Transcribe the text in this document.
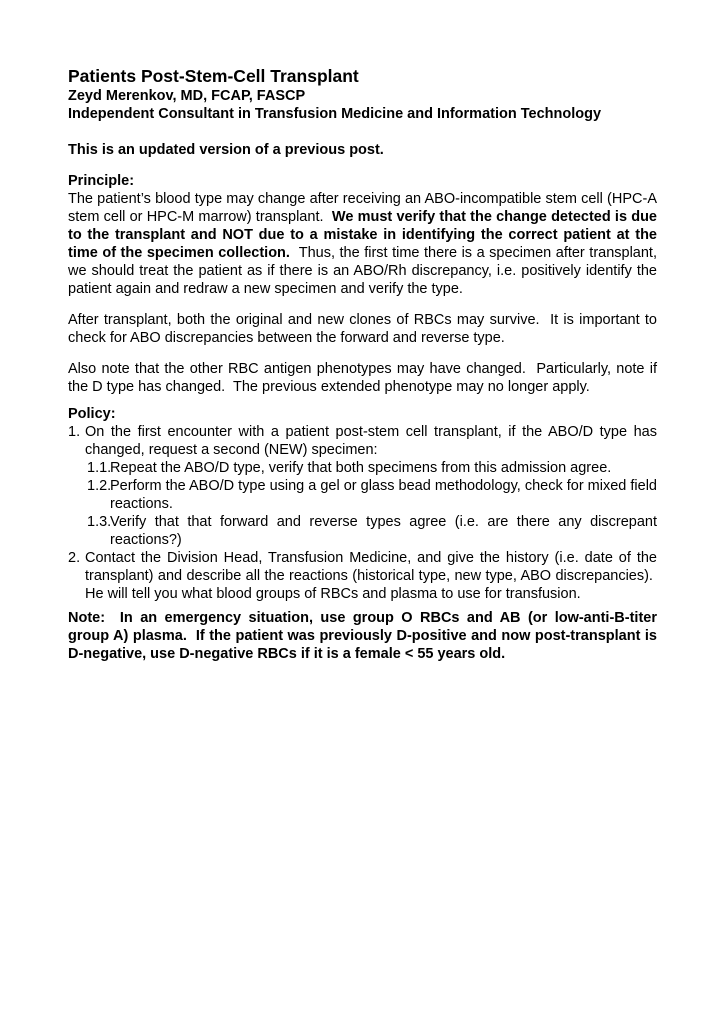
Patients Post-Stem-Cell Transplant
Zeyd Merenkov, MD, FCAP, FASCP
Independent Consultant in Transfusion Medicine and Information Technology
This is an updated version of a previous post.
Principle:
The patient’s blood type may change after receiving an ABO-incompatible stem cell (HPC-A stem cell or HPC-M marrow) transplant.  We must verify that the change detected is due to the transplant and NOT due to a mistake in identifying the correct patient at the time of the specimen collection.  Thus, the first time there is a specimen after transplant, we should treat the patient as if there is an ABO/Rh discrepancy, i.e. positively identify the patient again and redraw a new specimen and verify the type.
After transplant, both the original and new clones of RBCs may survive.  It is important to check for ABO discrepancies between the forward and reverse type.
Also note that the other RBC antigen phenotypes may have changed.  Particularly, note if the D type has changed.  The previous extended phenotype may no longer apply.
Policy:
1. On the first encounter with a patient post-stem cell transplant, if the ABO/D type has changed, request a second (NEW) specimen:
1.1.
Repeat the ABO/D type, verify that both specimens from this admission agree.
1.2.
Perform the ABO/D type using a gel or glass bead methodology, check for mixed field reactions.
1.3.
Verify that that forward and reverse types agree (i.e. are there any discrepant reactions?)
2. Contact the Division Head, Transfusion Medicine, and give the history (i.e. date of the transplant) and describe all the reactions (historical type, new type, ABO discrepancies).  He will tell you what blood groups of RBCs and plasma to use for transfusion.
Note:  In an emergency situation, use group O RBCs and AB (or low-anti-B-titer group A) plasma.  If the patient was previously D-positive and now post-transplant is D-negative, use D-negative RBCs if it is a female < 55 years old.
